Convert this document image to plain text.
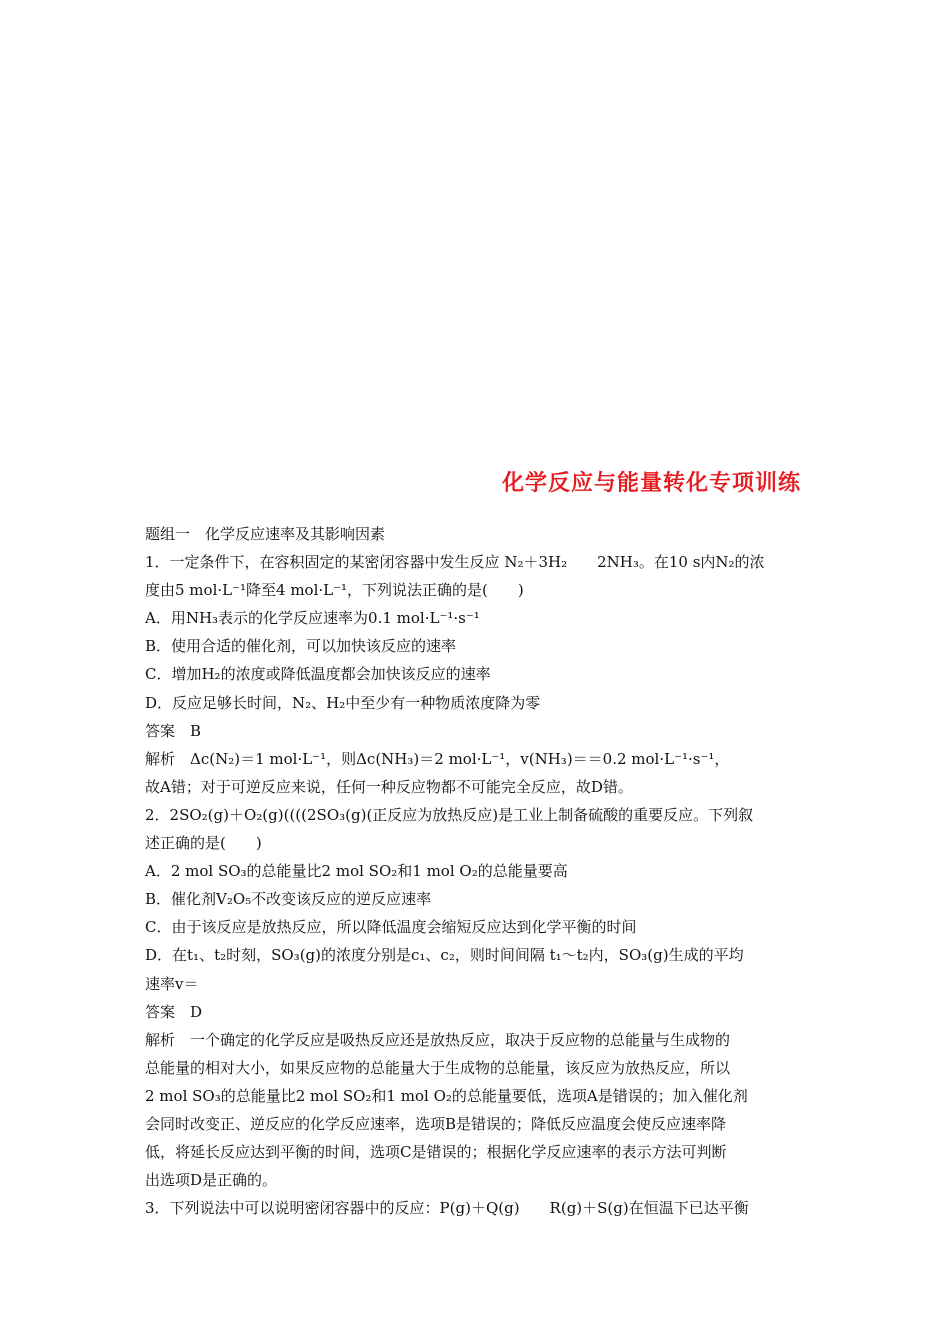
化学反应与能量转化专项训练
题组一　化学反应速率及其影响因素
1．一定条件下，在容积固定的某密闭容器中发生反应 N₂＋3H₂　　2NH₃。在10 s内N₂的浓
度由5 mol·L⁻¹降至4 mol·L⁻¹，下列说法正确的是(　　)
A．用NH₃表示的化学反应速率为0.1 mol·L⁻¹·s⁻¹
B．使用合适的催化剂，可以加快该反应的速率
C．增加H₂的浓度或降低温度都会加快该反应的速率
D．反应足够长时间，N₂、H₂中至少有一种物质浓度降为零
答案　B
解析　Δc(N₂)＝1 mol·L⁻¹，则Δc(NH₃)＝2 mol·L⁻¹，v(NH₃)＝＝0.2 mol·L⁻¹·s⁻¹，
故A错；对于可逆反应来说，任何一种反应物都不可能完全反应，故D错。
2．2SO₂(g)＋O₂(g)((((2SO₃(g)(正反应为放热反应)是工业上制备硫酸的重要反应。下列叙
述正确的是(　　)
A．2 mol SO₃的总能量比2 mol SO₂和1 mol O₂的总能量要高
B．催化剂V₂O₅不改变该反应的逆反应速率
C．由于该反应是放热反应，所以降低温度会缩短反应达到化学平衡的时间
D．在t₁、t₂时刻，SO₃(g)的浓度分别是c₁、c₂，则时间间隔 t₁～t₂内，SO₃(g)生成的平均
速率v＝
答案　D
解析　一个确定的化学反应是吸热反应还是放热反应，取决于反应物的总能量与生成物的
总能量的相对大小，如果反应物的总能量大于生成物的总能量，该反应为放热反应，所以
2 mol SO₃的总能量比2 mol SO₂和1 mol O₂的总能量要低，选项A是错误的；加入催化剂
会同时改变正、逆反应的化学反应速率，选项B是错误的；降低反应温度会使反应速率降
低，将延长反应达到平衡的时间，选项C是错误的；根据化学反应速率的表示方法可判断
出选项D是正确的。
3．下列说法中可以说明密闭容器中的反应：P(g)＋Q(g)　　R(g)＋S(g)在恒温下已达平衡
